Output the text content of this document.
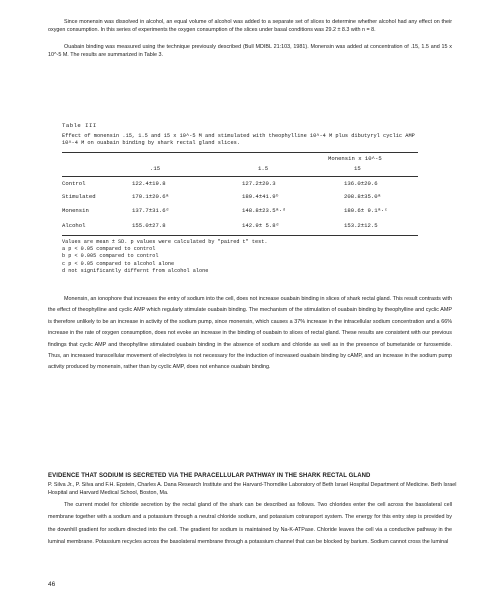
Since monensin was dissolved in alcohol, an equal volume of alcohol was added to a separate set of slices to determine whether alcohol had any effect on their oxygen consumption. In this series of experiments the oxygen consumption of the slices under basal conditions was 29.2 ± 8.3 with n = 8.

Ouabain binding was measured using the technique previously described (Bull MDIBL 21:103, 1981). Monensin was added at concentration of .15, 1.5 and 15 x 10^-5 M. The results are summarized in Table 3.

Table III
Effect of monensin .15, 1.5 and 15 x 10^-5 M and stimulated with theophylline 10^-4 M plus dibutyryl cyclic AMP 10^-4 M on ouabain binding by shark rectal gland slices.
Monensin x 10^-5
.15	1.5	15
Control	122.4±19.8	127.2±20.3	136.0±20.6
Stimulated	170.1±20.6ª	189.4±41.9ᵇ	208.8±35.0ª
Monensin	137.7±31.6ᵈ	148.8±23.5ª·ᵈ	180.6± 9.1ª·ᶜ
Alcohol	155.0±27.8	142.9± 5.8ᵈ	153.2±12.5
Values are mean ± SD. p values were calculated by "paired t" test.
a p < 0.05 compared to control
b p < 0.005 compared to control
c p < 0.05 compared to alcohol alone
d not significantly differnt from alcohol alone

Monensin, an ionophore that increases the entry of sodium into the cell, does not increase ouabain binding in slices of shark rectal gland. This result contrasts with the effect of theophylline and cyclic AMP which regularly stimulate ouabain binding. The mechanism of the stimulation of ouabain binding by theophylline and cyclic AMP is therefore unlikely to be an increase in activity of the sodium pump, since monensin, which causes a 37% increase in the intracellular sodium concentration and a 66% increase in the rate of oxygen consumption, does not evoke an increase in the binding of ouabain to slices of rectal gland. These results are consistent with our previous findings that cyclic AMP and theophylline stimulated ouabain binding in the absence of sodium and chloride as well as in the presence of bumetanide or furosemide. Thus, an increased transcellular movement of electrolytes is not necessary for the induction of increased ouabain binding by cAMP, and an increase in the sodium pump activity produced by monensin, rather than by cyclic AMP, does not enhance ouabain binding.

EVIDENCE THAT SODIUM IS SECRETED VIA THE PARACELLULAR PATHWAY IN THE SHARK RECTAL GLAND

P. Silva Jr., P. Silva and F.H. Epstein, Charles A. Dana Research Institute and the Harvard-Thorndike Laboratory of Beth Israel Hospital Department of Medicine. Beth Israel Hospital and Harvard Medical School, Boston, Ma.

The current model for chloride secretion by the rectal gland of the shark can be described as follows. Two chlorides enter the cell across the basolateral cell membrane together with a sodium and a potassium through a neutral chloride sodium, and potassium cotransport system. The energy for this entry step is provided by the downhill gradient for sodium directed into the cell. The gradient for sodium is maintained by Na-K-ATPase. Chloride leaves the cell via a conductive pathway in the luminal membrane. Potassium recycles across the basolateral membrane through a potassium channel that can be blocked by barium. Sodium cannot cross the luminal

46
